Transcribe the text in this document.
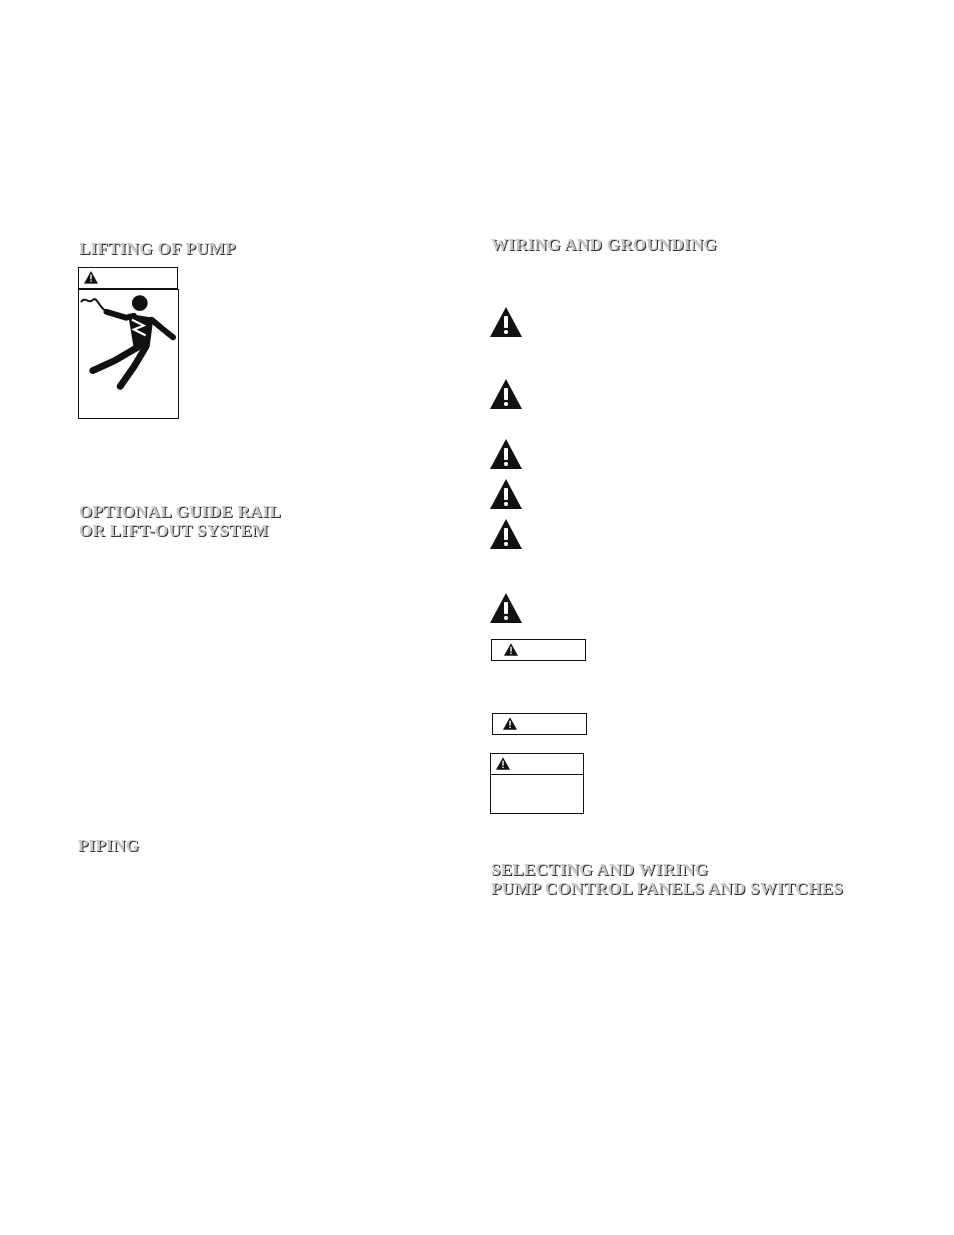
LIFTING OF PUMP
OPTIONAL GUIDE RAIL
OR LIFT-OUT SYSTEM
PIPING
WIRING AND GROUNDING
SELECTING AND WIRING
PUMP CONTROL PANELS AND SWITCHES
